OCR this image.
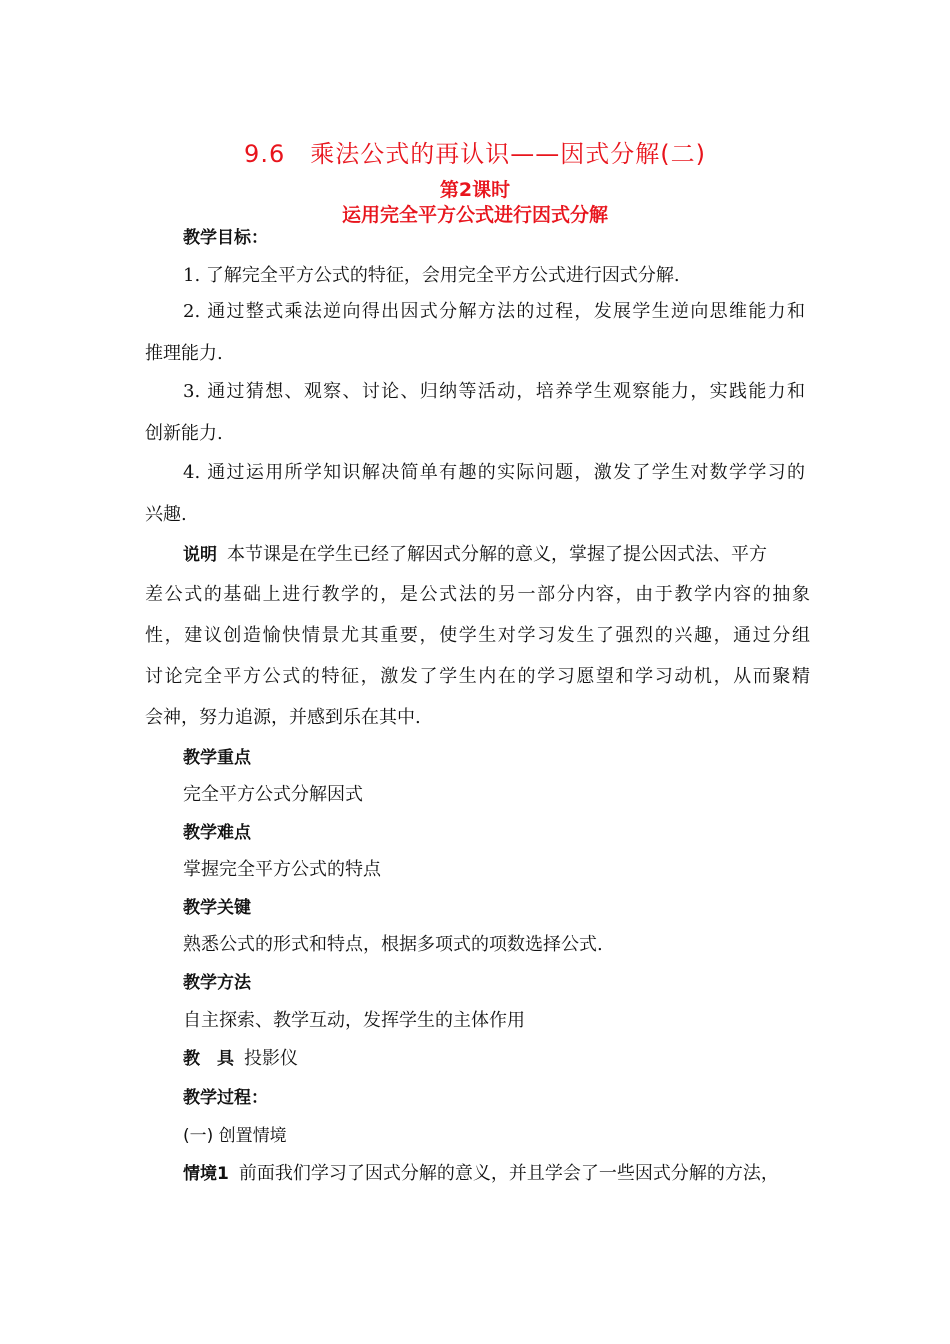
9.6　乘法公式的再认识——因式分解(二)
第2课时
运用完全平方公式进行因式分解
教学目标：
1. 了解完全平方公式的特征，会用完全平方公式进行因式分解.
2. 通过整式乘法逆向得出因式分解方法的过程，发展学生逆向思维能力和
推理能力.
3. 通过猜想、观察、讨论、归纳等活动，培养学生观察能力，实践能力和
创新能力.
4. 通过运用所学知识解决简单有趣的实际问题，激发了学生对数学学习的
兴趣.
说明 本节课是在学生已经了解因式分解的意义，掌握了提公因式法、平方
差公式的基础上进行教学的，是公式法的另一部分内容，由于教学内容的抽象
性，建议创造愉快情景尤其重要，使学生对学习发生了强烈的兴趣，通过分组
讨论完全平方公式的特征，激发了学生内在的学习愿望和学习动机，从而聚精
会神，努力追源，并感到乐在其中.
教学重点
完全平方公式分解因式
教学难点
掌握完全平方公式的特点
教学关键
熟悉公式的形式和特点，根据多项式的项数选择公式.
教学方法
自主探索、教学互动，发挥学生的主体作用
教　具 投影仪
教学过程：
(一) 创置情境
情境1 前面我们学习了因式分解的意义，并且学会了一些因式分解的方法，
